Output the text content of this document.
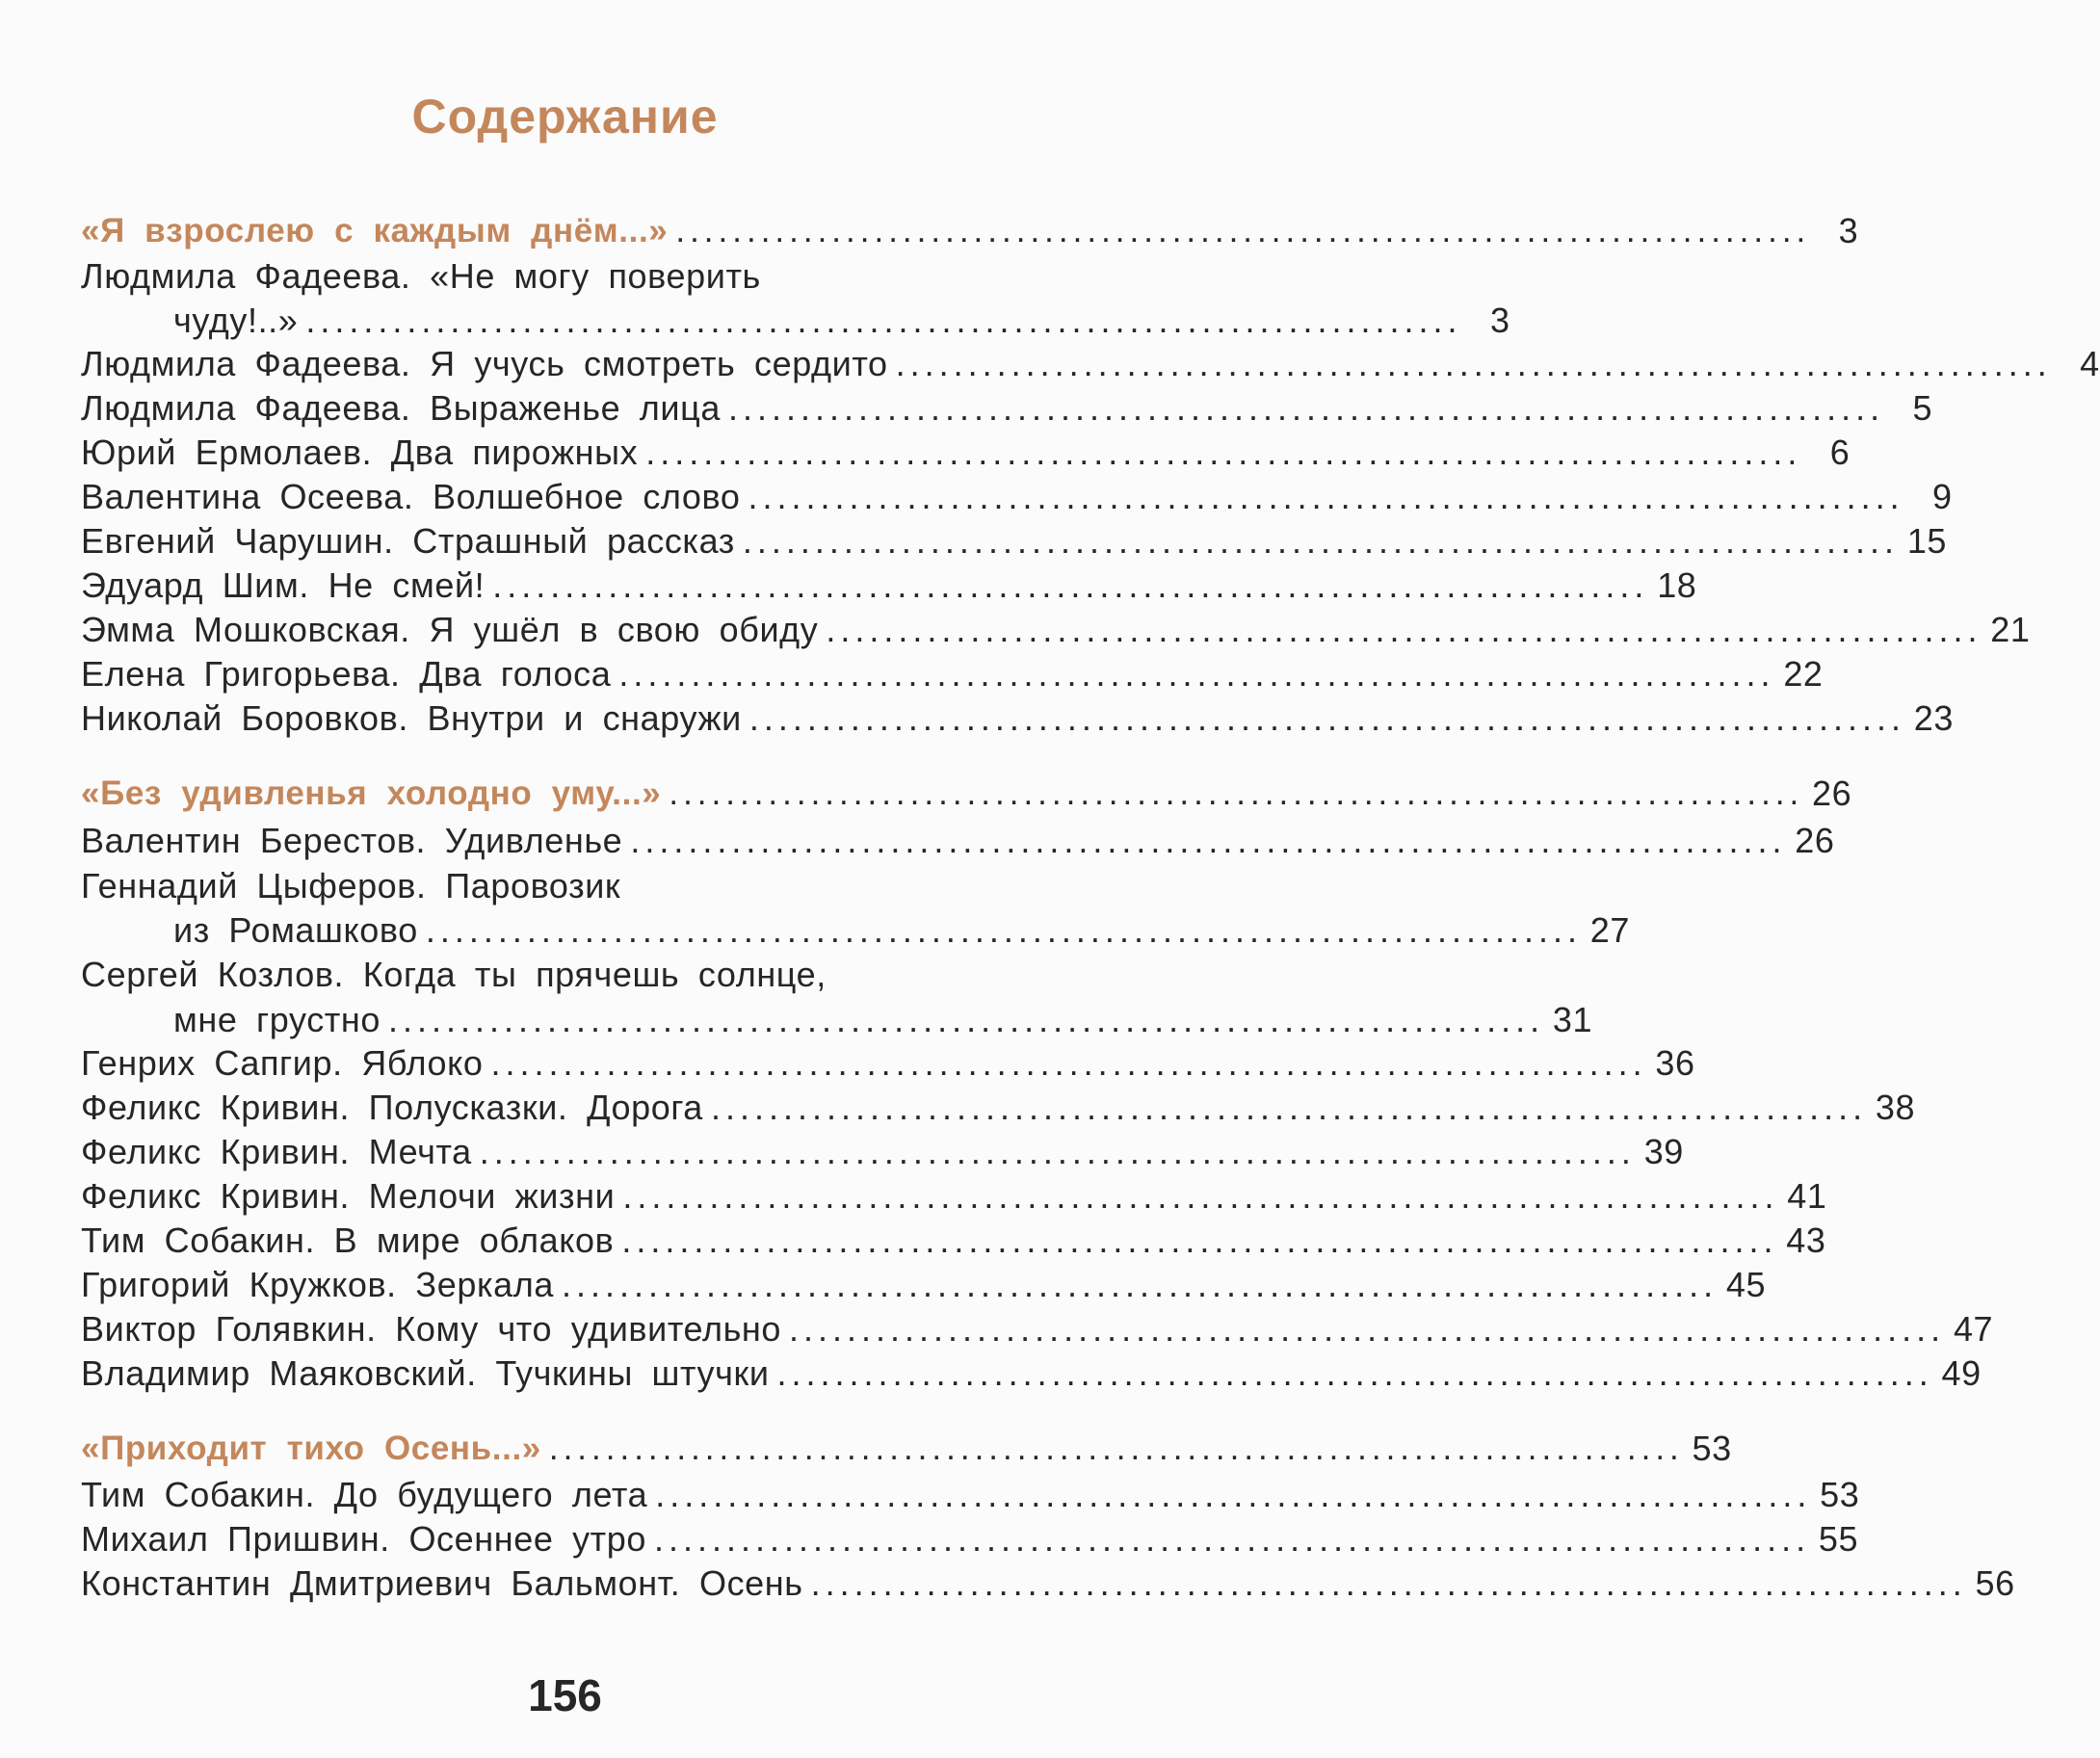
Содержание
«Я взрослею с каждым днём...» ................................................................................ 3
Людмила Фадеева. «Не могу поверить
чуду!..» ................................................................................ 3
Людмила Фадеева. Я учусь смотреть сердито ................................................................................ 4
Людмила Фадеева. Выраженье лица ................................................................................ 5
Юрий Ермолаев. Два пирожных ................................................................................ 6
Валентина Осеева. Волшебное слово ................................................................................ 9
Евгений Чарушин. Страшный рассказ ................................................................................ 15
Эдуард Шим. Не смей! ................................................................................ 18
Эмма Мошковская. Я ушёл в свою обиду ................................................................................ 21
Елена Григорьева. Два голоса ................................................................................ 22
Николай Боровков. Внутри и снаружи ................................................................................ 23
«Без удивленья холодно уму...» ................................................................................ 26
Валентин Берестов. Удивленье ................................................................................ 26
Геннадий Цыферов. Паровозик
из Ромашково ................................................................................ 27
Сергей Козлов. Когда ты прячешь солнце,
мне грустно ................................................................................ 31
Генрих Сапгир. Яблоко ................................................................................ 36
Феликс Кривин. Полусказки. Дорога ................................................................................ 38
Феликс Кривин. Мечта ................................................................................ 39
Феликс Кривин. Мелочи жизни ................................................................................ 41
Тим Собакин. В мире облаков ................................................................................ 43
Григорий Кружков. Зеркала ................................................................................ 45
Виктор Голявкин. Кому что удивительно ................................................................................ 47
Владимир Маяковский. Тучкины штучки ................................................................................ 49
«Приходит тихо Осень...» ................................................................................ 53
Тим Собакин. До будущего лета ................................................................................ 53
Михаил Пришвин. Осеннее утро ................................................................................ 55
Константин Дмитриевич Бальмонт. Осень ................................................................................ 56
156
